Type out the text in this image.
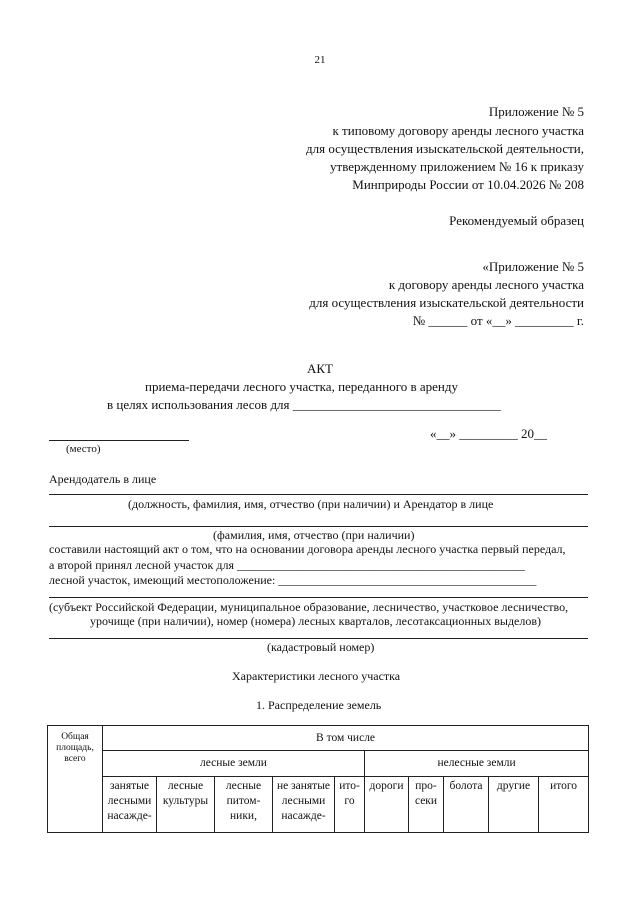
21
Приложение № 5
к типовому договору аренды лесного участка
для осуществления изыскательской деятельности,
утвержденному приложением № 16 к приказу
Минприроды России от 10.04.2026 № 208
Рекомендуемый образец
«Приложение № 5
к договору аренды лесного участка
для осуществления изыскательской деятельности
№ ______ от «__» _________ г.
АКТ
приема-передачи лесного участка, переданного в аренду
в целях использования лесов для ________________________________
(место)
«__» _________ 20__
Арендодатель в лице
(должность, фамилия, имя, отчество (при наличии) и Арендатор в лице
(фамилия, имя, отчество (при наличии)
составили настоящий акт о том, что на основании договора аренды лесного участка первый передал,
а второй принял лесной участок для ________________________________________________
лесной участок, имеющий местоположение: ___________________________________________
(субъект Российской Федерации, муниципальное образование, лесничество, участковое лесничество,
урочище (при наличии), номер (номера) лесных кварталов, лесотаксационных выделов)
(кадастровый номер)
Характеристики лесного участка
1. Распределение земель
Общая площадь, всего	В том числе									
	лесные земли					нелесные земли				
	занятые лесными насажде-	лесные культуры	лесные питом-ники,	не занятые лесными насажде-	ито-го	дороги	про-секи	болота	другие	итого
